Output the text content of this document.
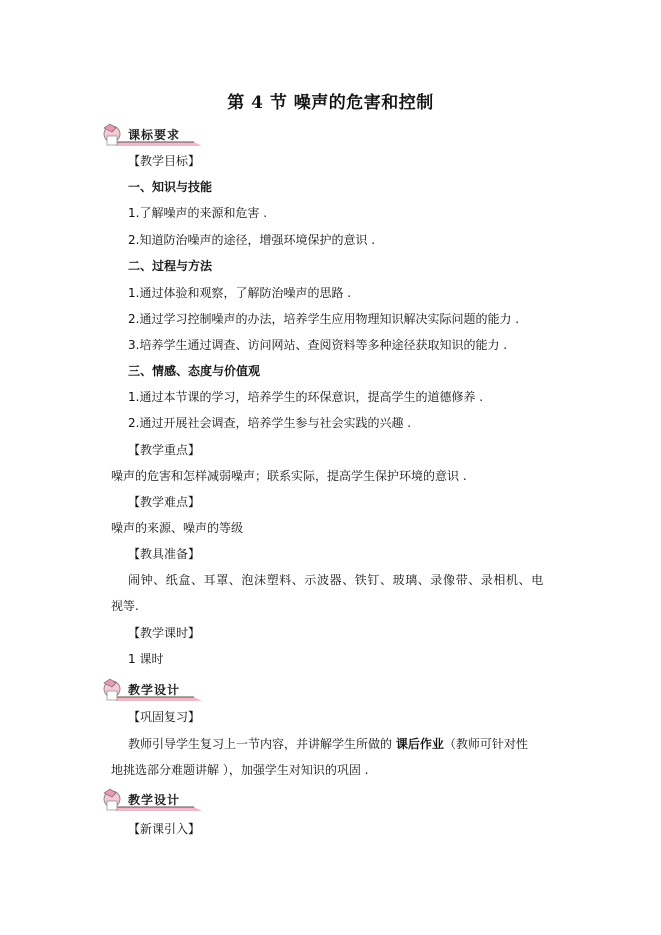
第 4 节 噪声的危害和控制
课标要求
【教学目标】
一、知识与技能
1.了解噪声的来源和危害 .
2.知道防治噪声的途径，增强环境保护的意识 .
二、过程与方法
1.通过体验和观察，了解防治噪声的思路 .
2.通过学习控制噪声的办法，培养学生应用物理知识解决实际问题的能力 .
3.培养学生通过调查、访问网站、查阅资料等多种途径获取知识的能力 .
三、情感、态度与价值观
1.通过本节课的学习，培养学生的环保意识，提高学生的道德修养 .
2.通过开展社会调查，培养学生参与社会实践的兴趣 .
【教学重点】
噪声的危害和怎样减弱噪声；联系实际，提高学生保护环境的意识 .
【教学难点】
噪声的来源、噪声的等级
【教具准备】
闹钟、纸盒、耳罩、泡沫塑料、示波器、铁钉、玻璃、录像带、录相机、电
视等.
【教学课时】
1 课时
教学设计
【巩固复习】
教师引导学生复习上一节内容，并讲解学生所做的 课后作业（教师可针对性
地挑选部分难题讲解 ），加强学生对知识的巩固 .
教学设计
【新课引入】
